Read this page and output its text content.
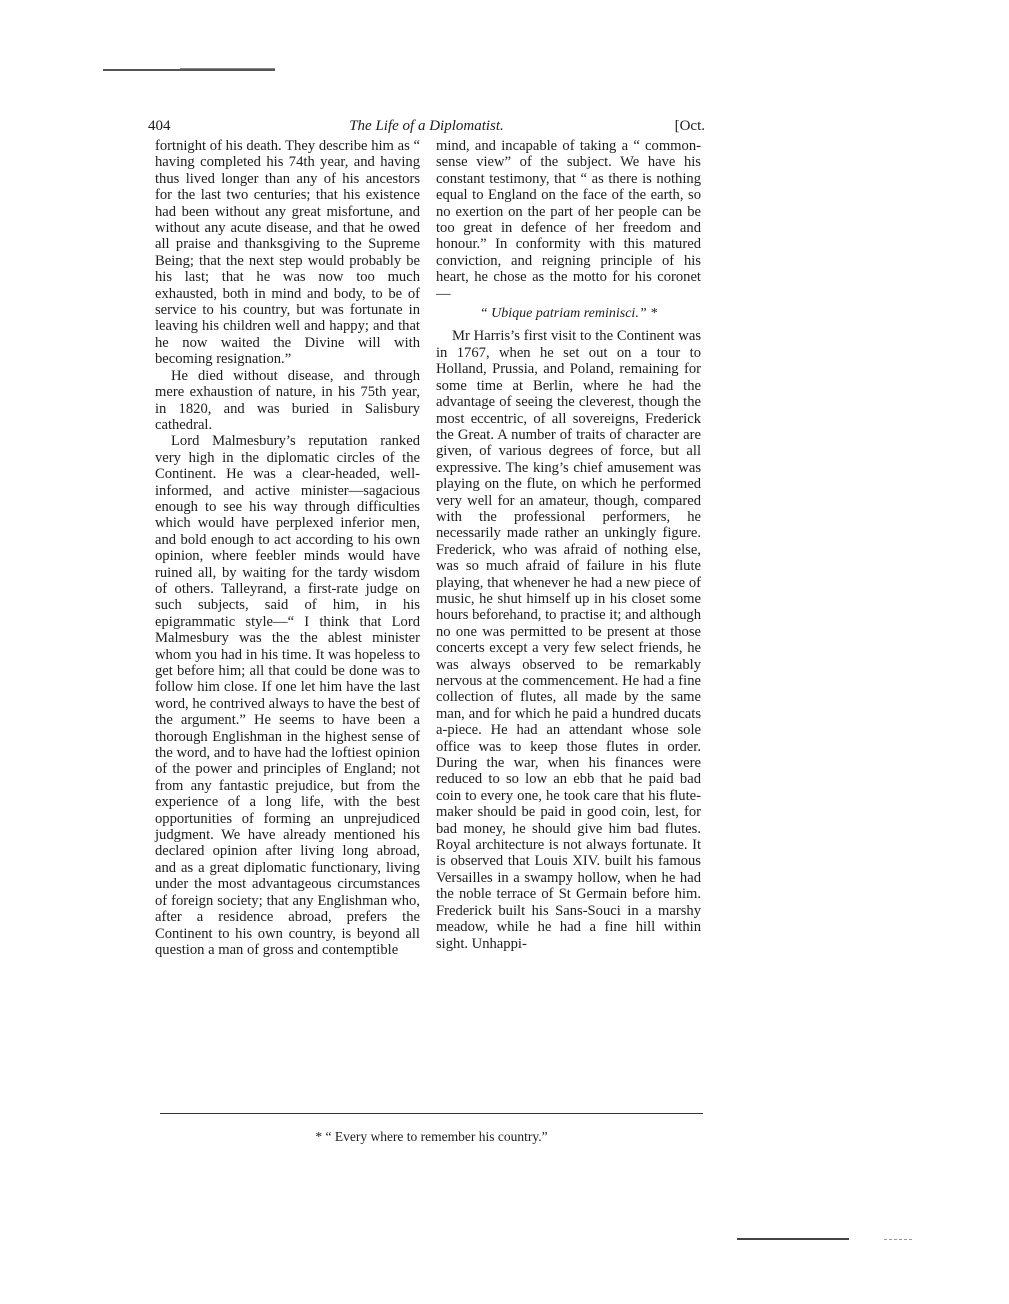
404	The Life of a Diplomatist.	[Oct.

fortnight of his death. They describe him as “ having completed his 74th year, and having thus lived longer than any of his ancestors for the last two centuries; that his existence had been without any great misfortune, and without any acute disease, and that he owed all praise and thanksgiving to the Supreme Being; that the next step would probably be his last; that he was now too much exhausted, both in mind and body, to be of service to his country, but was fortunate in leaving his children well and happy; and that he now waited the Divine will with becoming resignation.”

He died without disease, and through mere exhaustion of nature, in his 75th year, in 1820, and was buried in Salisbury cathedral.

Lord Malmesbury’s reputation ranked very high in the diplomatic circles of the Continent. He was a clear-headed, well-informed, and active minister—sagacious enough to see his way through difficulties which would have perplexed inferior men, and bold enough to act according to his own opinion, where feebler minds would have ruined all, by waiting for the tardy wisdom of others. Talleyrand, a first-rate judge on such subjects, said of him, in his epigrammatic style—“ I think that Lord Malmesbury was the the ablest minister whom you had in his time. It was hopeless to get before him; all that could be done was to follow him close. If one let him have the last word, he contrived always to have the best of the argument.” He seems to have been a thorough Englishman in the highest sense of the word, and to have had the loftiest opinion of the power and principles of England; not from any fantastic prejudice, but from the experience of a long life, with the best opportunities of forming an unprejudiced judgment. We have already mentioned his declared opinion after living long abroad, and as a great diplomatic functionary, living under the most advantageous circumstances of foreign society; that any Englishman who, after a residence abroad, prefers the Continent to his own country, is beyond all question a man of gross and contemptible

mind, and incapable of taking a “ common-sense view” of the subject. We have his constant testimony, that “ as there is nothing equal to England on the face of the earth, so no exertion on the part of her people can be too great in defence of her freedom and honour.” In conformity with this matured conviction, and reigning principle of his heart, he chose as the motto for his coronet—

“ Ubique patriam reminisci.” *

Mr Harris’s first visit to the Continent was in 1767, when he set out on a tour to Holland, Prussia, and Poland, remaining for some time at Berlin, where he had the advantage of seeing the cleverest, though the most eccentric, of all sovereigns, Frederick the Great. A number of traits of character are given, of various degrees of force, but all expressive. The king’s chief amusement was playing on the flute, on which he performed very well for an amateur, though, compared with the professional performers, he necessarily made rather an unkingly figure. Frederick, who was afraid of nothing else, was so much afraid of failure in his flute playing, that whenever he had a new piece of music, he shut himself up in his closet some hours beforehand, to practise it; and although no one was permitted to be present at those concerts except a very few select friends, he was always observed to be remarkably nervous at the commencement. He had a fine collection of flutes, all made by the same man, and for which he paid a hundred ducats a-piece. He had an attendant whose sole office was to keep those flutes in order. During the war, when his finances were reduced to so low an ebb that he paid bad coin to every one, he took care that his flute-maker should be paid in good coin, lest, for bad money, he should give him bad flutes. Royal architecture is not always fortunate. It is observed that Louis XIV. built his famous Versailles in a swampy hollow, when he had the noble terrace of St Germain before him. Frederick built his Sans-Souci in a marshy meadow, while he had a fine hill within sight. Unhappi-

* “ Every where to remember his country.”
